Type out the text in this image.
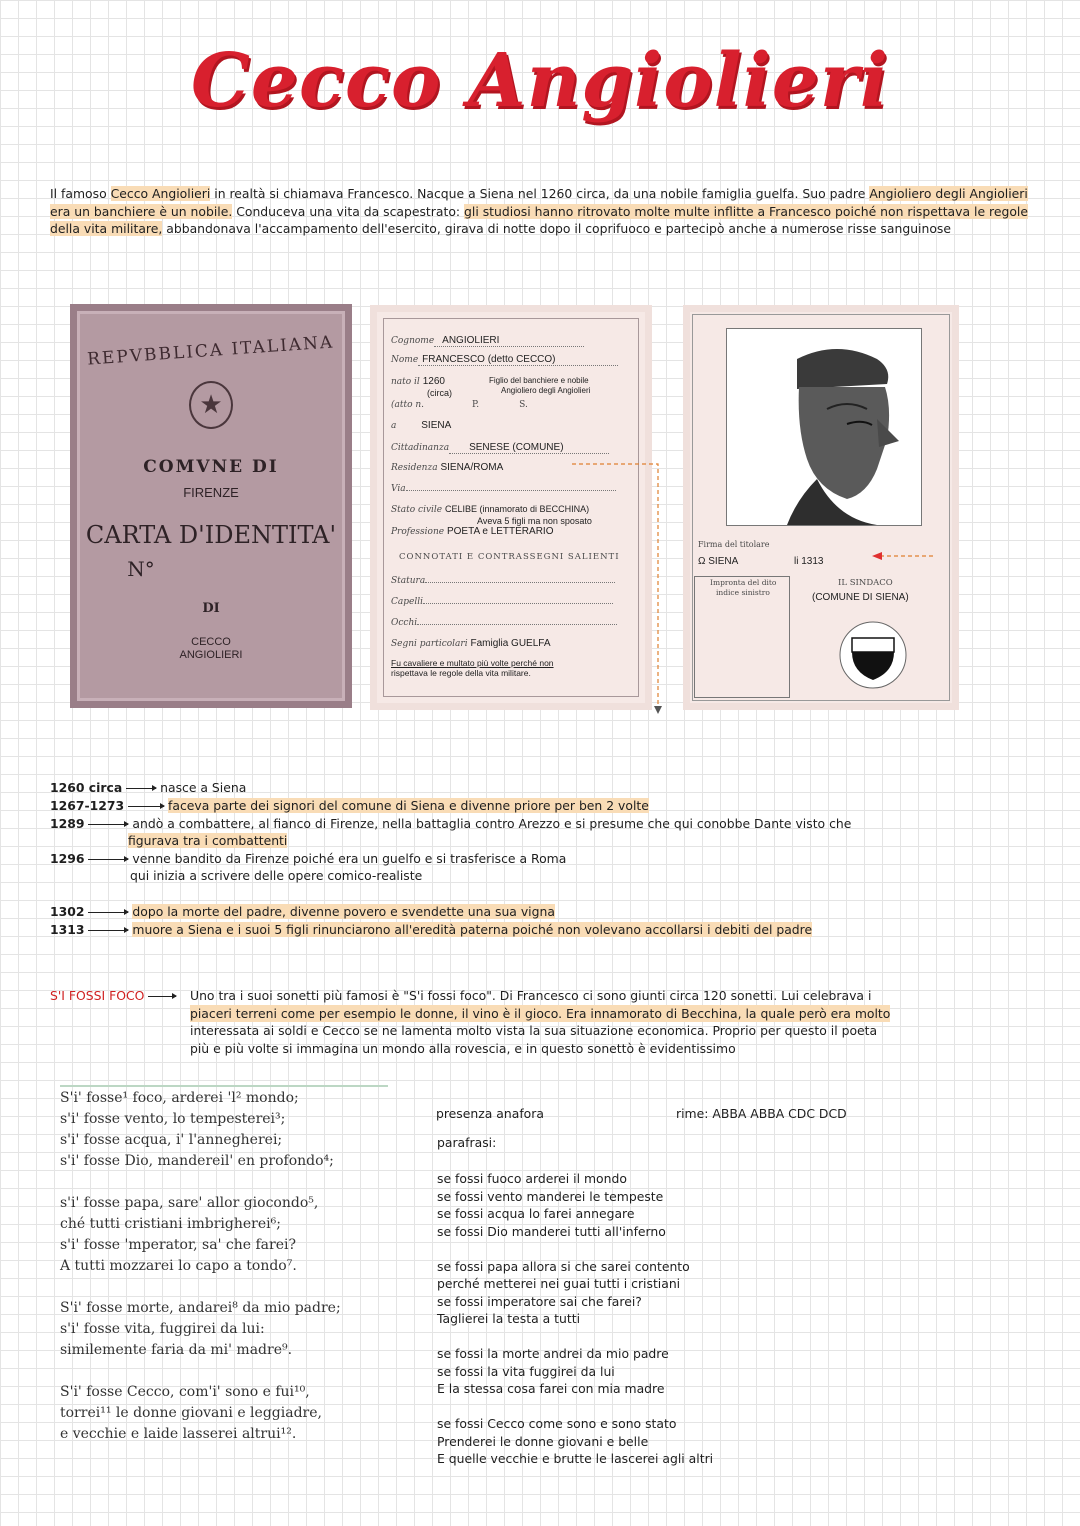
Cecco Angiolieri
Il famoso Cecco Angiolieri in realtà si chiamava Francesco. Nacque a Siena nel 1260 circa, da una nobile famiglia guelfa. Suo padre Angioliero degli Angiolieri era un banchiere è un nobile. Conduceva una vita da scapestrato: gli studiosi hanno ritrovato molte multe inflitte a Francesco poiché non rispettava le regole della vita militare, abbandonava l'accampamento dell'esercito, girava di notte dopo il coprifuoco e partecipò anche a numerose risse sanguinose
REPVBBLICA ITALIANA
★
COMVNE DI
FIRENZE
CARTA D'IDENTITA'
N°
DI
CECCO
ANGIOLIERI
Cognome ANGIOLIERI
Nome FRANCESCO (detto CECCO)
nato il 1260
(circa)
Figlio del banchiere e nobile
Angioliero degli Angiolieri
(atto n.	P.	S.
a SIENA
Cittadinanza SENESE (COMUNE)
Residenza SIENA/ROMA
Via
Stato civile CELIBE (innamorato di BECCHINA)
Aveva 5 figli ma non sposato
Professione POETA e LETTERARIO
CONNOTATI E CONTRASSEGNI SALIENTI
Statura
Capelli
Occhi
Segni particolari Famiglia GUELFA
Fu cavaliere e multato più volte perché non
rispettava le regole della vita militare.
Firma del titolare
Ω SIENA	li 1313
Impronta del dito
indice sinistro
IL SINDACO
(COMUNE DI SIENA)
1260 circa	nasce a Siena
1267-1273	faceva parte dei signori del comune di Siena e divenne priore per ben 2 volte
1289	andò a combattere, al fianco di Firenze, nella battaglia contro Arezzo e si presume che qui conobbe Dante visto che
figurava tra i combattenti
1296	venne bandito da Firenze poiché era un guelfo e si trasferisce a Roma
qui inizia a scrivere delle opere comico-realiste
1302	dopo la morte del padre, divenne povero e svendette una sua vigna
1313	muore a Siena e i suoi 5 figli rinunciarono all'eredità paterna poiché non volevano accollarsi i debiti del padre
S'I FOSSI FOCO	Uno tra i suoi sonetti più famosi è "S'i fossi foco". Di Francesco ci sono giunti circa 120 sonetti. Lui celebrava i
piaceri terreni come per esempio le donne, il vino è il gioco. Era innamorato di Becchina, la quale però era molto
interessata ai soldi e Cecco se ne lamenta molto vista la sua situazione economica. Proprio per questo il poeta
più e più volte si immagina un mondo alla rovescia, e in questo sonettò è evidentissimo
S'i' fosse¹ foco, arderei 'l² mondo;
s'i' fosse vento, lo tempesterei³;
s'i' fosse acqua, i' l'annegherei;
s'i' fosse Dio, mandereil' en profondo⁴;
s'i' fosse papa, sare' allor giocondo⁵,
ché tutti cristiani imbrigherei⁶;
s'i' fosse 'mperator, sa' che farei?
A tutti mozzarei lo capo a tondo⁷.
S'i' fosse morte, andarei⁸ da mio padre;
s'i' fosse vita, fuggirei da lui:
similemente faria da mi' madre⁹.
S'i' fosse Cecco, com'i' sono e fui¹⁰,
torrei¹¹ le donne giovani e leggiadre,
e vecchie e laide lasserei altrui¹².
presenza anafora	rime: ABBA ABBA CDC DCD
parafrasi:
se fossi fuoco arderei il mondo
se fossi vento manderei le tempeste
se fossi acqua lo farei annegare
se fossi Dio manderei tutti all'inferno
se fossi papa allora si che sarei contento
perché metterei nei guai tutti i cristiani
se fossi imperatore sai che farei?
Taglierei la testa a tutti
se fossi la morte andrei da mio padre
se fossi la vita fuggirei da lui
E la stessa cosa farei con mia madre
se fossi Cecco come sono e sono stato
Prenderei le donne giovani e belle
E quelle vecchie e brutte le lascerei agli altri
